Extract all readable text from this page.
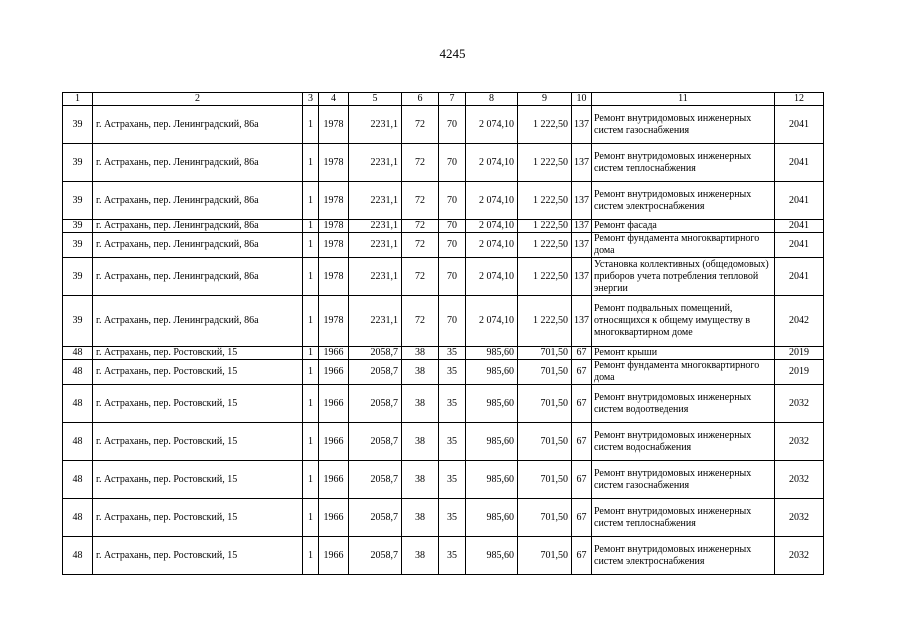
4245
1	2	3	4	5	6	7	8	9	10	11	12
39	г. Астрахань, пер. Ленинградский, 86а	1	1978	2231,1	72	70	2 074,10	1 222,50	137	Ремонт внутридомовых инженерных систем газоснабжения	2041
39	г. Астрахань, пер. Ленинградский, 86а	1	1978	2231,1	72	70	2 074,10	1 222,50	137	Ремонт внутридомовых инженерных систем теплоснабжения	2041
39	г. Астрахань, пер. Ленинградский, 86а	1	1978	2231,1	72	70	2 074,10	1 222,50	137	Ремонт внутридомовых инженерных систем электроснабжения	2041
39	г. Астрахань, пер. Ленинградский, 86а	1	1978	2231,1	72	70	2 074,10	1 222,50	137	Ремонт фасада	2041
39	г. Астрахань, пер. Ленинградский, 86а	1	1978	2231,1	72	70	2 074,10	1 222,50	137	Ремонт фундамента многоквартирного дома	2041
39	г. Астрахань, пер. Ленинградский, 86а	1	1978	2231,1	72	70	2 074,10	1 222,50	137	Установка коллективных (общедомовых) приборов учета потребления тепловой энергии	2041
39	г. Астрахань, пер. Ленинградский, 86а	1	1978	2231,1	72	70	2 074,10	1 222,50	137	Ремонт подвальных помещений, относящихся к общему имуществу в многоквартирном доме	2042
48	г. Астрахань, пер. Ростовский, 15	1	1966	2058,7	38	35	985,60	701,50	67	Ремонт крыши	2019
48	г. Астрахань, пер. Ростовский, 15	1	1966	2058,7	38	35	985,60	701,50	67	Ремонт фундамента многоквартирного дома	2019
48	г. Астрахань, пер. Ростовский, 15	1	1966	2058,7	38	35	985,60	701,50	67	Ремонт внутридомовых инженерных систем водоотведения	2032
48	г. Астрахань, пер. Ростовский, 15	1	1966	2058,7	38	35	985,60	701,50	67	Ремонт внутридомовых инженерных систем водоснабжения	2032
48	г. Астрахань, пер. Ростовский, 15	1	1966	2058,7	38	35	985,60	701,50	67	Ремонт внутридомовых инженерных систем газоснабжения	2032
48	г. Астрахань, пер. Ростовский, 15	1	1966	2058,7	38	35	985,60	701,50	67	Ремонт внутридомовых инженерных систем теплоснабжения	2032
48	г. Астрахань, пер. Ростовский, 15	1	1966	2058,7	38	35	985,60	701,50	67	Ремонт внутридомовых инженерных систем электроснабжения	2032
